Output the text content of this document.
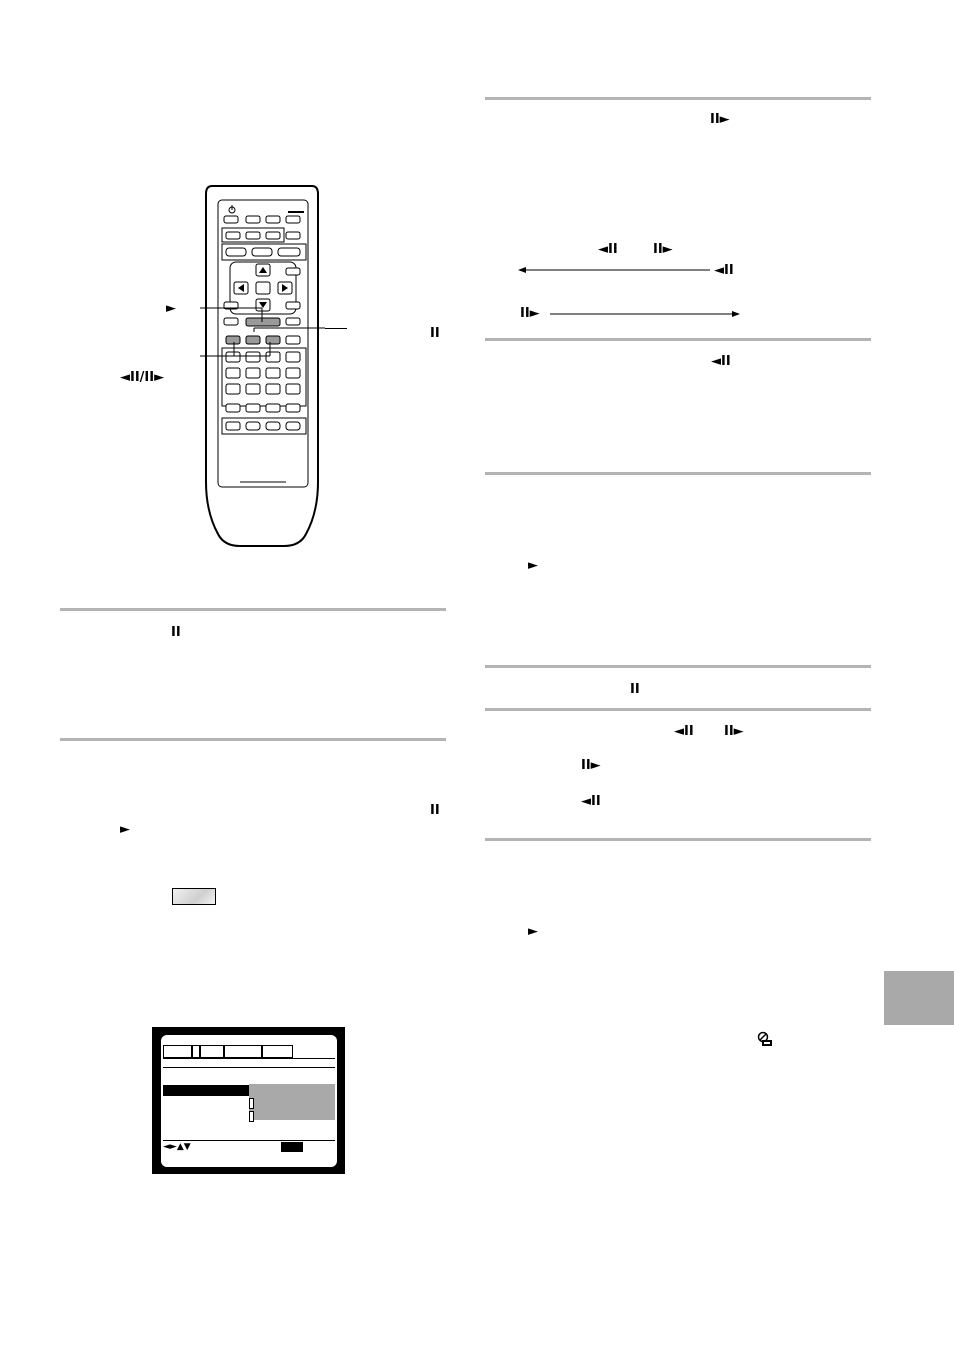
►
II
◄II/II►
II
II
►
◄►▲▼
II►
◄II	II►
◄II
II►
◄II
►
II
◄II II►
II►
◄II
►
